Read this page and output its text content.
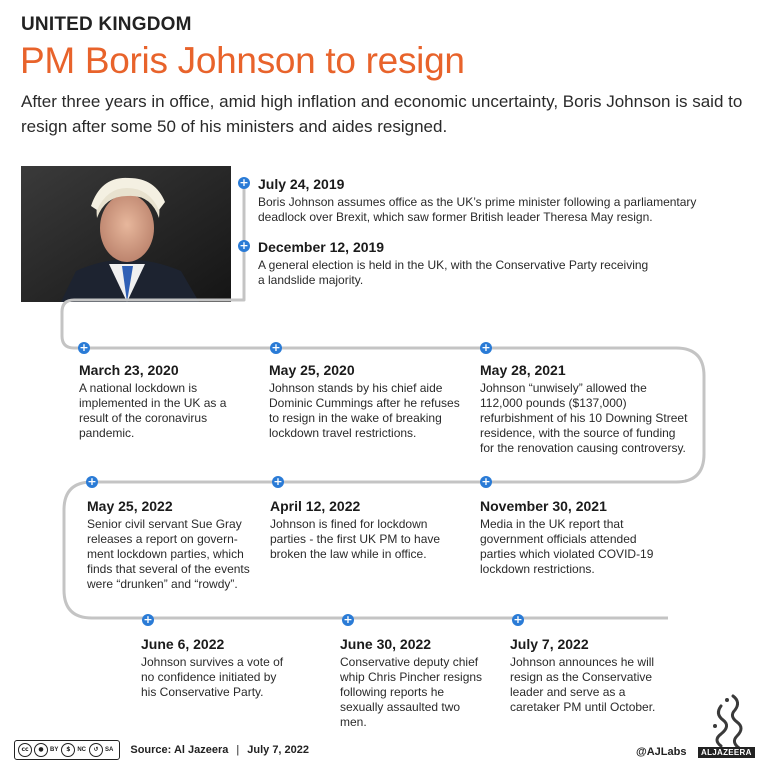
UNITED KINGDOM
PM Boris Johnson to resign
After three years in office, amid high inflation and economic uncertainty, Boris Johnson is said to resign after some 50 of his ministers and aides resigned.
+
+
+	+	+
+	+	+
+	+	+
July 24, 2019
Boris Johnson assumes office as the UK’s prime minister following a parliamentary deadlock over Brexit, which saw former British leader Theresa May resign.
December 12, 2019
A general election is held in the UK, with the Conservative Party receiving a landslide majority.
March 23, 2020
A national lockdown is implemented in the UK as a result of the coronavirus pandemic.
May 25, 2020
Johnson stands by his chief aide Dominic Cummings after he refuses to resign in the wake of breaking lockdown travel restrictions.
May 28, 2021
Johnson “unwisely” allowed the 112,000 pounds ($137,000) refurbishment of his 10 Downing Street residence, with the source of funding for the renovation causing controversy.
November 30, 2021
Media in the UK report that government officials attended parties which violated COVID-19 lockdown restrictions.
April 12, 2022
Johnson is fined for lockdown parties - the first UK PM to have broken the law while in office.
May 25, 2022
Senior civil servant Sue Gray releases a report on govern-ment lockdown parties, which finds that several of the events were “drunken” and “rowdy”.
June 6, 2022
Johnson survives a vote of no confidence initiated by his Conservative Party.
June 30, 2022
Conservative deputy chief whip Chris Pincher resigns following reports he sexually assaulted two men.
July 7, 2022
Johnson announces he will resign as the Conservative leader and serve as a caretaker PM until October.
cc	●	BY	$	NC	↺	SA Source: Al Jazeera | July 7, 2022	@AJLabs	ALJAZEERA
